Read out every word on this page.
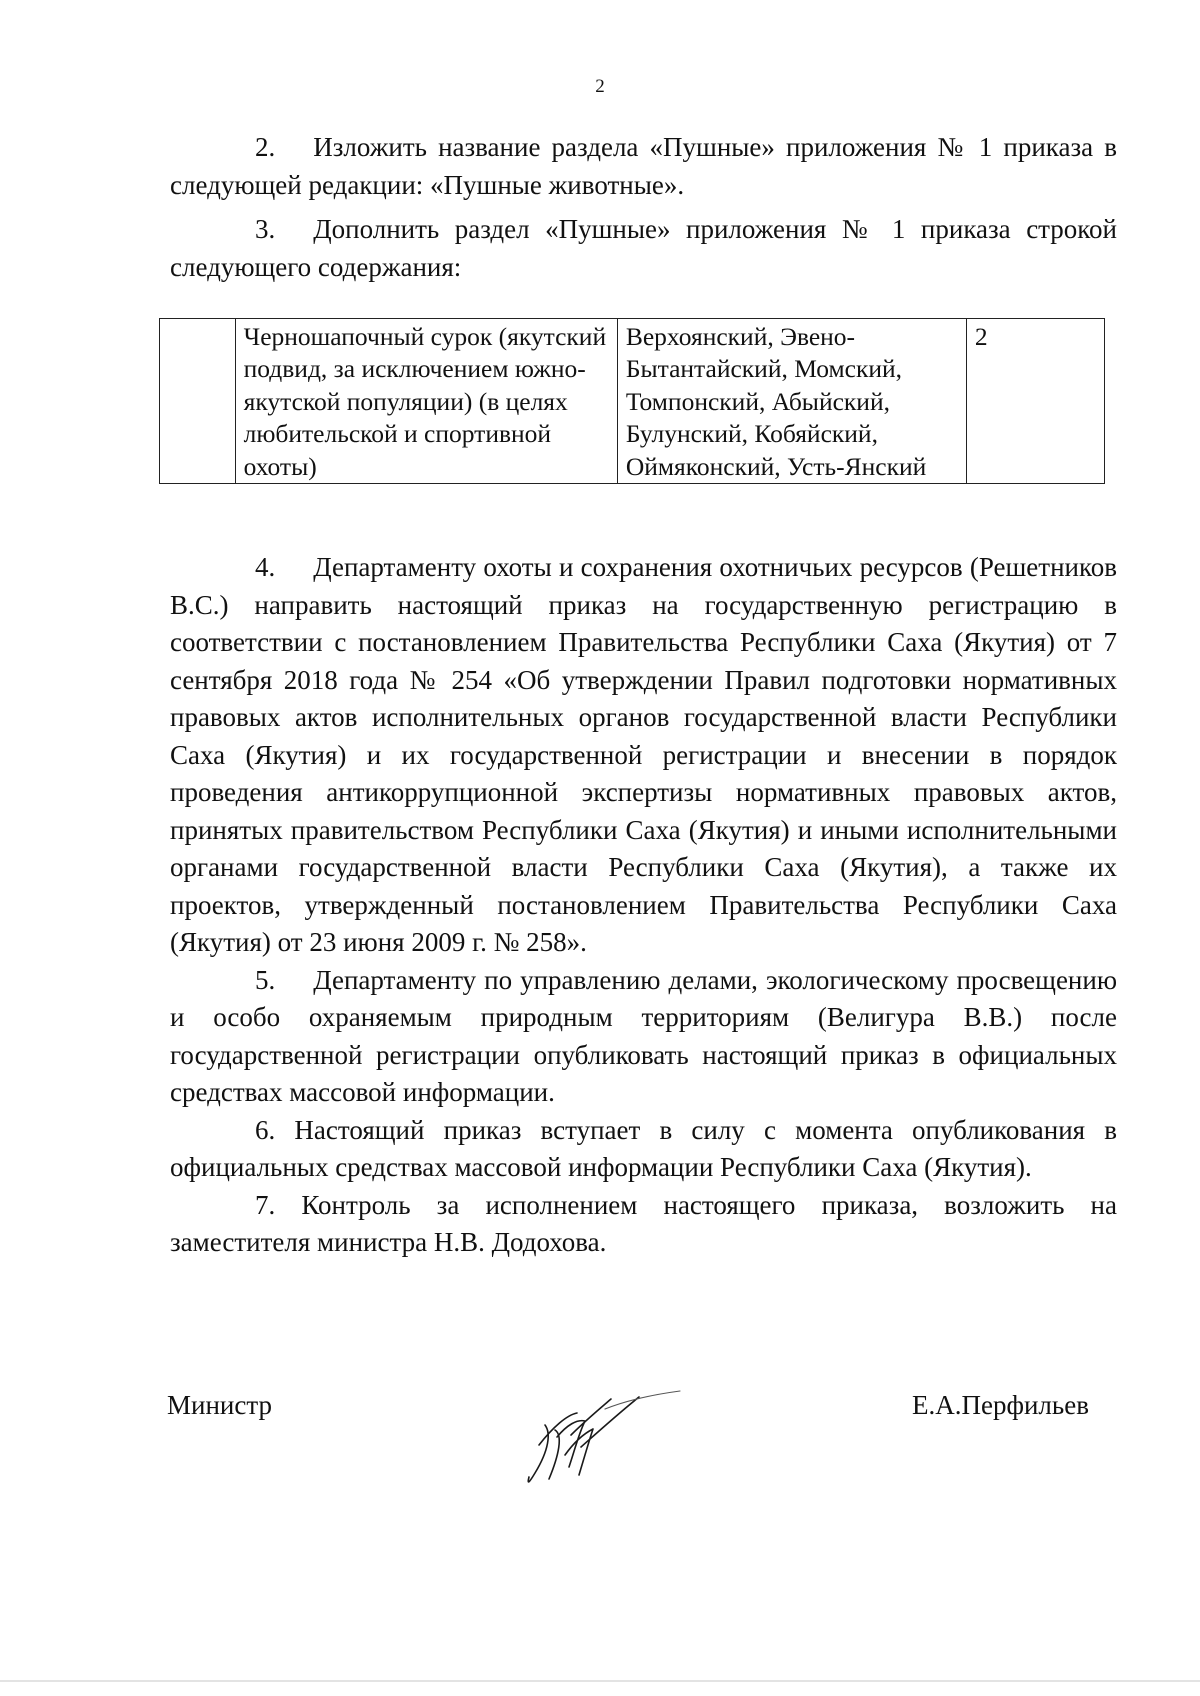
2

2. Изложить название раздела «Пушные» приложения № 1 приказа в следующей редакции: «Пушные животные».

3. Дополнить раздел «Пушные» приложения № 1 приказа строкой следующего содержания:

	Черношапочный сурок (якутский подвид, за исключением южно-якутской популяции) (в целях любительской и спортивной охоты)	Верхоянский, Эвено-Бытантайский, Момский, Томпонский, Абыйский, Булунский, Кобяйский, Оймяконский, Усть-Янский	2

4. Департаменту охоты и сохранения охотничьих ресурсов (Решетников В.С.) направить настоящий приказ на государственную регистрацию в соответствии с постановлением Правительства Республики Саха (Якутия) от 7 сентября 2018 года № 254 «Об утверждении Правил подготовки нормативных правовых актов исполнительных органов государственной власти Республики Саха (Якутия) и их государственной регистрации и внесении в порядок проведения антикоррупционной экспертизы нормативных правовых актов, принятых правительством Республики Саха (Якутия) и иными исполнительными органами государственной власти Республики Саха (Якутия), а также их проектов, утвержденный постановлением Правительства Республики Саха (Якутия) от 23 июня 2009 г. № 258».

5. Департаменту по управлению делами, экологическому просвещению и особо охраняемым природным территориям (Велигура В.В.) после государственной регистрации опубликовать настоящий приказ в официальных средствах массовой информации.

6. Настоящий приказ вступает в силу с момента опубликования в официальных средствах массовой информации Республики Саха (Якутия).

7. Контроль за исполнением настоящего приказа, возложить на заместителя министра Н.В. Додохова.

Министр	Е.А.Перфильев
